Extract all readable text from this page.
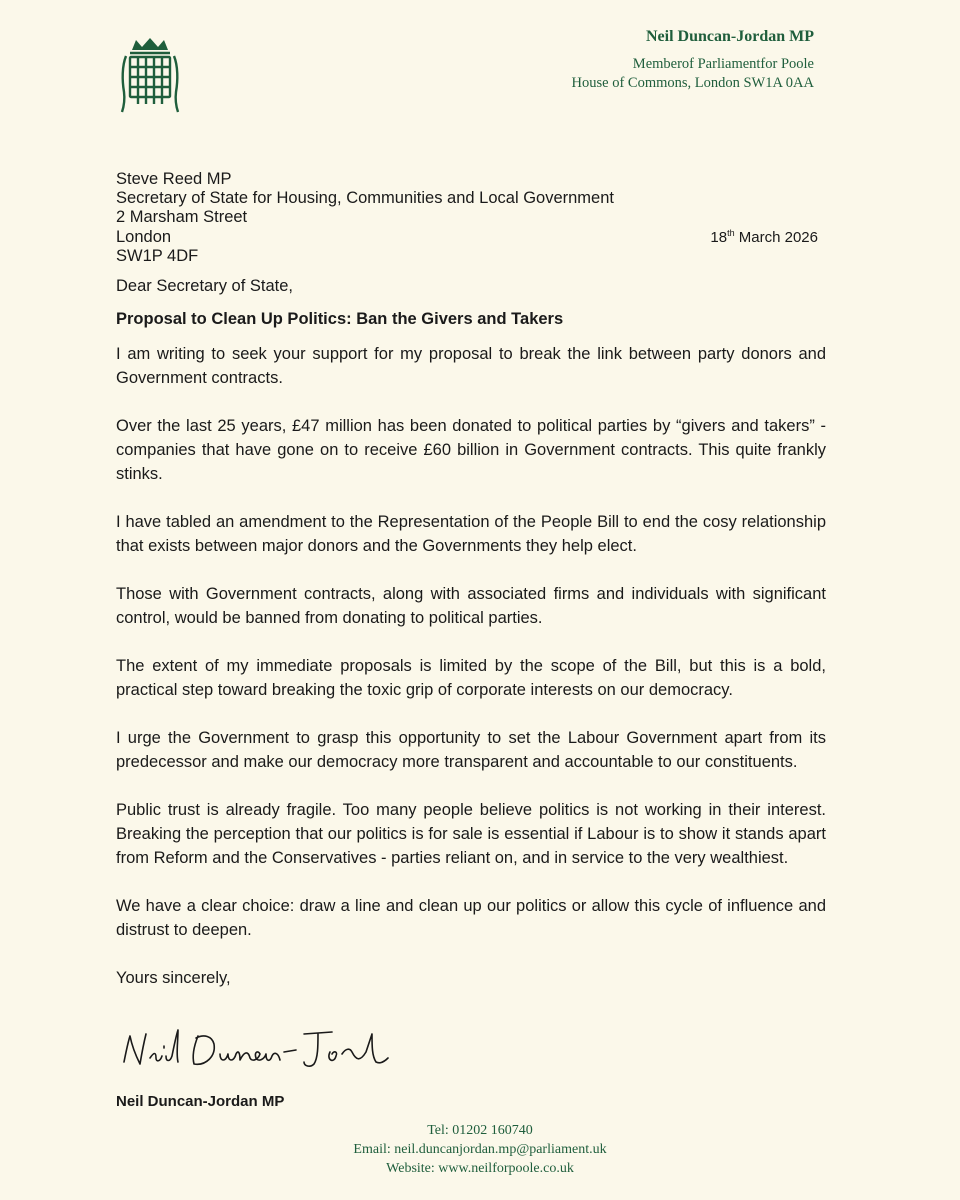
Neil Duncan-Jordan MP
Memberof Parliamentfor Poole
House of Commons, London SW1A 0AA
Steve Reed MP
Secretary of State for Housing, Communities and Local Government
2 Marsham Street
London
SW1P 4DF
18th March 2026

Dear Secretary of State,

Proposal to Clean Up Politics: Ban the Givers and Takers

I am writing to seek your support for my proposal to break the link between party donors and Government contracts.

Over the last 25 years, £47 million has been donated to political parties by “givers and takers” - companies that have gone on to receive £60 billion in Government contracts. This quite frankly stinks.

I have tabled an amendment to the Representation of the People Bill to end the cosy relationship that exists between major donors and the Governments they help elect.

Those with Government contracts, along with associated firms and individuals with significant control, would be banned from donating to political parties.

The extent of my immediate proposals is limited by the scope of the Bill, but this is a bold, practical step toward breaking the toxic grip of corporate interests on our democracy.

I urge the Government to grasp this opportunity to set the Labour Government apart from its predecessor and make our democracy more transparent and accountable to our constituents.

Public trust is already fragile. Too many people believe politics is not working in their interest. Breaking the perception that our politics is for sale is essential if Labour is to show it stands apart from Reform and the Conservatives - parties reliant on, and in service to the very wealthiest.

We have a clear choice: draw a line and clean up our politics or allow this cycle of influence and distrust to deepen.

Yours sincerely,

Neil Duncan-Jordan MP
Tel: 01202 160740
Email: neil.duncanjordan.mp@parliament.uk
Website: www.neilforpoole.co.uk
